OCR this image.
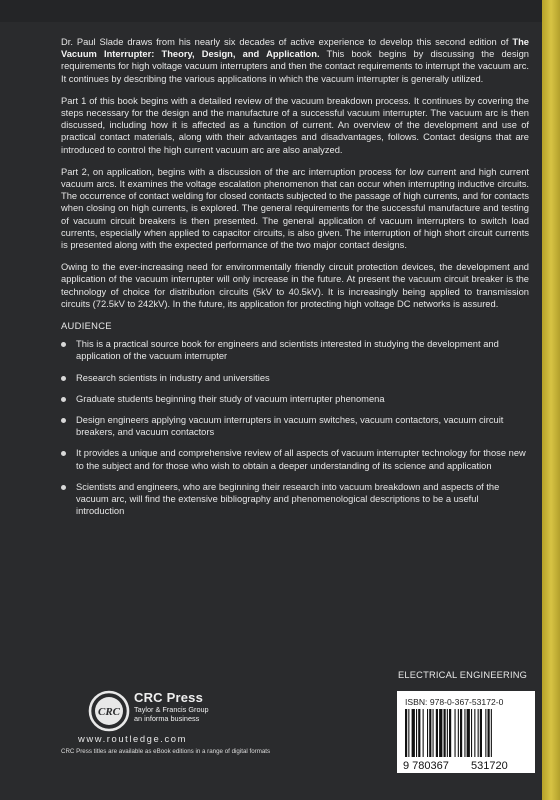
Dr. Paul Slade draws from his nearly six decades of active experience to develop this second edition of The Vacuum Interrupter: Theory, Design, and Application. This book begins by discussing the design requirements for high voltage vacuum interrupters and then the contact requirements to interrupt the vacuum arc. It continues by describing the various applications in which the vacuum interrupter is generally utilized.

Part 1 of this book begins with a detailed review of the vacuum breakdown process. It continues by covering the steps necessary for the design and the manufacture of a successful vacuum interrupter. The vacuum arc is then discussed, including how it is affected as a function of current. An overview of the development and use of practical contact materials, along with their advantages and disadvantages, follows. Contact designs that are introduced to control the high current vacuum arc are also analyzed.

Part 2, on application, begins with a discussion of the arc interruption process for low current and high current vacuum arcs. It examines the voltage escalation phenomenon that can occur when interrupting inductive circuits. The occurrence of contact welding for closed contacts subjected to the passage of high currents, and for contacts when closing on high currents, is explored. The general requirements for the successful manufacture and testing of vacuum circuit breakers is then presented. The general application of vacuum interrupters to switch load currents, especially when applied to capacitor circuits, is also given. The interruption of high short circuit currents is presented along with the expected performance of the two major contact designs.

Owing to the ever-increasing need for environmentally friendly circuit protection devices, the development and application of the vacuum interrupter will only increase in the future. At present the vacuum circuit breaker is the technology of choice for distribution circuits (5kV to 40.5kV). It is increasingly being applied to transmission circuits (72.5kV to 242kV). In the future, its application for protecting high voltage DC networks is assured.

AUDIENCE
This is a practical source book for engineers and scientists interested in studying the development and application of the vacuum interrupter
Research scientists in industry and universities
Graduate students beginning their study of vacuum interrupter phenomena
Design engineers applying vacuum interrupters in vacuum switches, vacuum contactors, vacuum circuit breakers, and vacuum contactors
It provides a unique and comprehensive review of all aspects of vacuum interrupter technology for those new to the subject and for those who wish to obtain a deeper understanding of its science and application
Scientists and engineers, who are beginning their research into vacuum breakdown and aspects of the vacuum arc, will find the extensive bibliography and phenomenological descriptions to be a useful introduction
ELECTRICAL ENGINEERING
ISBN: 978-0-367-53172-0
9 780367 531720
CRC
CRC Press
Taylor & Francis Group
an informa business
www.routledge.com
CRC Press titles are available as eBook editions in a range of digital formats
